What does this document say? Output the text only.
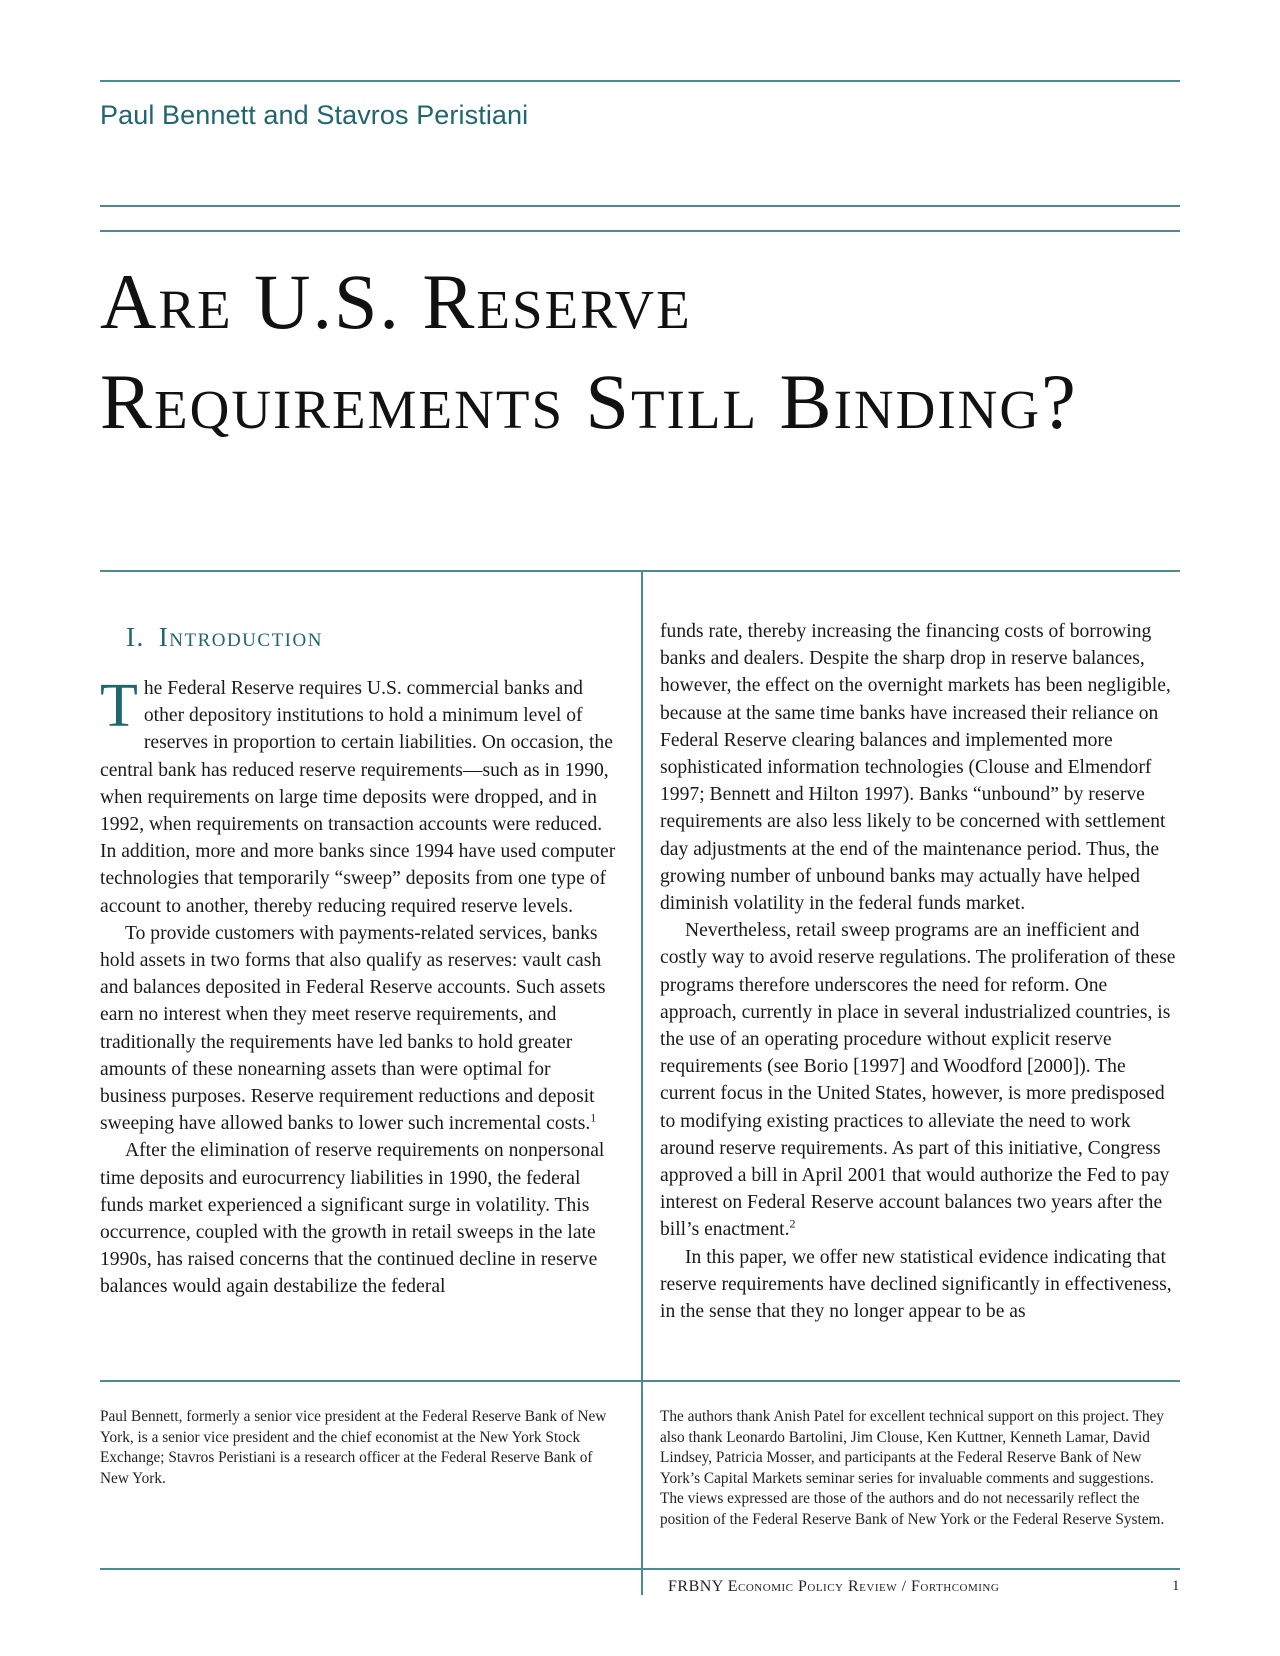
Paul Bennett and Stavros Peristiani
Are U.S. Reserve
Requirements Still Binding?
I. Introduction

The Federal Reserve requires U.S. commercial banks and other depository institutions to hold a minimum level of reserves in proportion to certain liabilities. On occasion, the central bank has reduced reserve requirements—such as in 1990, when requirements on large time deposits were dropped, and in 1992, when requirements on transaction accounts were reduced. In addition, more and more banks since 1994 have used computer technologies that temporarily “sweep” deposits from one type of account to another, thereby reducing required reserve levels.

To provide customers with payments-related services, banks hold assets in two forms that also qualify as reserves: vault cash and balances deposited in Federal Reserve accounts. Such assets earn no interest when they meet reserve requirements, and traditionally the requirements have led banks to hold greater amounts of these nonearning assets than were optimal for business purposes. Reserve requirement reductions and deposit sweeping have allowed banks to lower such incremental costs.$^1$

After the elimination of reserve requirements on nonpersonal time deposits and eurocurrency liabilities in 1990, the federal funds market experienced a significant surge in volatility. This occurrence, coupled with the growth in retail sweeps in the late 1990s, has raised concerns that the continued decline in reserve balances would again destabilize the federal

funds rate, thereby increasing the financing costs of borrowing banks and dealers. Despite the sharp drop in reserve balances, however, the effect on the overnight markets has been negligible, because at the same time banks have increased their reliance on Federal Reserve clearing balances and implemented more sophisticated information technologies (Clouse and Elmendorf 1997; Bennett and Hilton 1997). Banks “unbound” by reserve requirements are also less likely to be concerned with settlement day adjustments at the end of the maintenance period. Thus, the growing number of unbound banks may actually have helped diminish volatility in the federal funds market.

Nevertheless, retail sweep programs are an inefficient and costly way to avoid reserve regulations. The proliferation of these programs therefore underscores the need for reform. One approach, currently in place in several industrialized countries, is the use of an operating procedure without explicit reserve requirements (see Borio [1997] and Woodford [2000]). The current focus in the United States, however, is more predisposed to modifying existing practices to alleviate the need to work around reserve requirements. As part of this initiative, Congress approved a bill in April 2001 that would authorize the Fed to pay interest on Federal Reserve account balances two years after the bill’s enactment.$^2$

In this paper, we offer new statistical evidence indicating that reserve requirements have declined significantly in effectiveness, in the sense that they no longer appear to be as

Paul Bennett, formerly a senior vice president at the Federal Reserve Bank of New York, is a senior vice president and the chief economist at the New York Stock Exchange; Stavros Peristiani is a research officer at the Federal Reserve Bank of New York.
The authors thank Anish Patel for excellent technical support on this project. They also thank Leonardo Bartolini, Jim Clouse, Ken Kuttner, Kenneth Lamar, David Lindsey, Patricia Mosser, and participants at the Federal Reserve Bank of New York’s Capital Markets seminar series for invaluable comments and suggestions. The views expressed are those of the authors and do not necessarily reflect the position of the Federal Reserve Bank of New York or the Federal Reserve System.
FRBNY Economic Policy Review / Forthcoming	1
